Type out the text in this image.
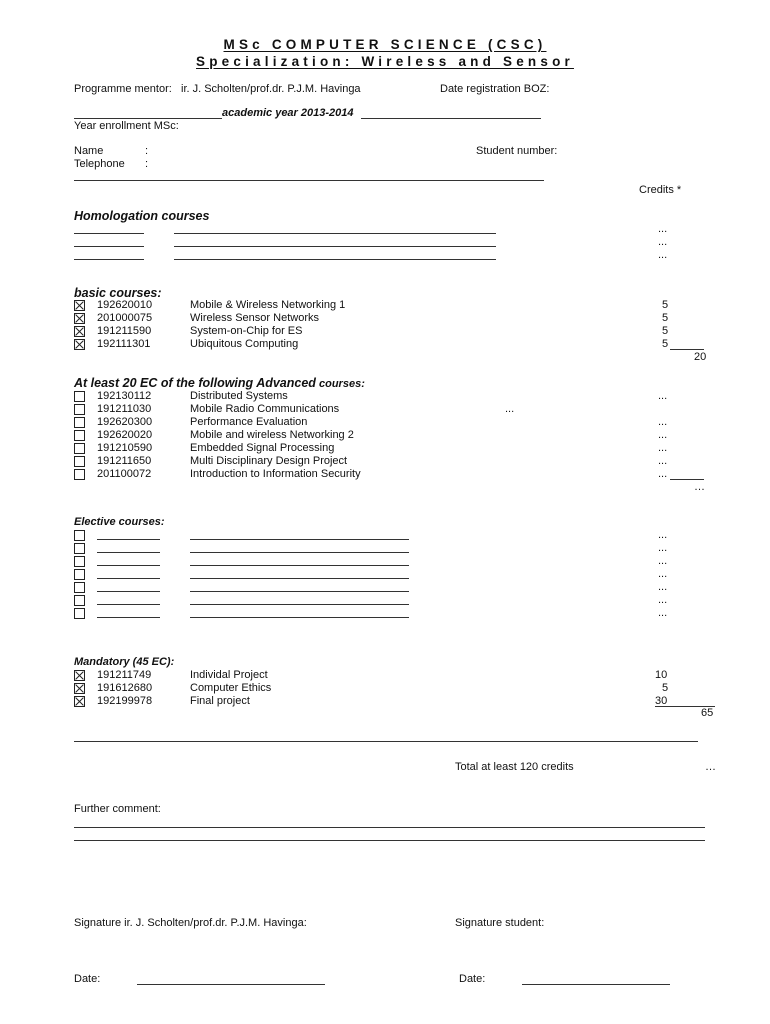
MSc COMPUTER SCIENCE (CSC)
Specialization: Wireless and Sensor
Programme mentor: ir. J. Scholten/prof.dr. P.J.M. Havinga	Date registration BOZ:
academic year 2013-2014
Year enrollment MSc:
Name	:
Telephone :
Student number:
Credits *
Homologation courses
...
...
...
basic courses:
192620010	Mobile & Wireless Networking 1	5
201000075	Wireless Sensor Networks	5
191211590	System-on-Chip for ES	5
192111301	Ubiquitous Computing	5
20
At least 20 EC of the following Advanced courses:
192130112	Distributed Systems	...
191211030	Mobile Radio Communications	...
192620300	Performance Evaluation	...
192620020	Mobile and wireless Networking 2	...
191210590	Embedded Signal Processing	...
191211650	Multi Disciplinary Design Project	...
201100072	Introduction to Information Security	...
…
Elective courses:
...
...
...
...
...
...
...
Mandatory (45 EC):
191211749	Individal Project	10
191612680	Computer Ethics	5
192199978	Final project	30
65
Total at least 120 credits	…
Further comment:
Signature ir. J. Scholten/prof.dr. P.J.M. Havinga:	Signature student:
Date:	Date:
